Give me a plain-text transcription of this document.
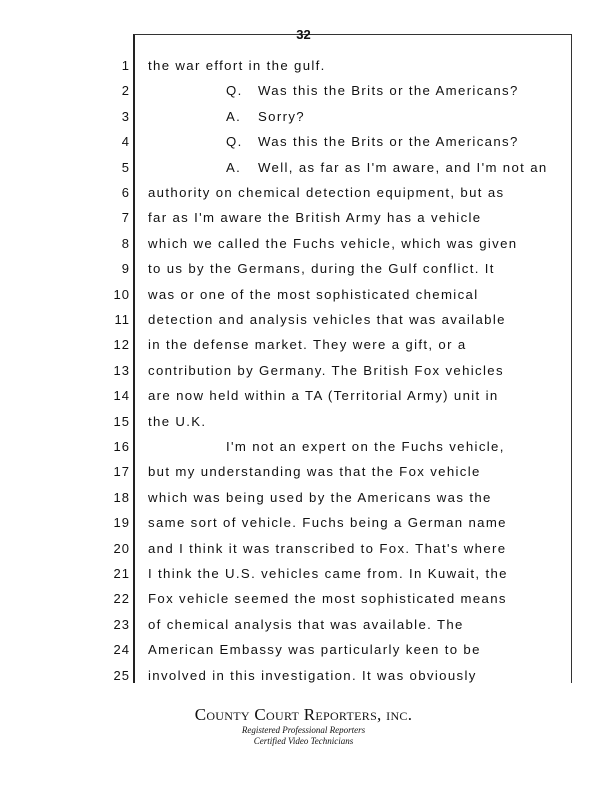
32
1 the war effort in the gulf.
2	Q. Was this the Brits or the Americans?
3	A. Sorry?
4	Q. Was this the Brits or the Americans?
5	A. Well, as far as I'm aware, and I'm not an
6 authority on chemical detection equipment, but as
7 far as I'm aware the British Army has a vehicle
8 which we called the Fuchs vehicle, which was given
9 to us by the Germans, during the Gulf conflict. It
10 was or one of the most sophisticated chemical
11 detection and analysis vehicles that was available
12 in the defense market. They were a gift, or a
13 contribution by Germany. The British Fox vehicles
14 are now held within a TA (Territorial Army) unit in
15 the U.K.
16	I'm not an expert on the Fuchs vehicle,
17 but my understanding was that the Fox vehicle
18 which was being used by the Americans was the
19 same sort of vehicle. Fuchs being a German name
20 and I think it was transcribed to Fox. That's where
21 I think the U.S. vehicles came from. In Kuwait, the
22 Fox vehicle seemed the most sophisticated means
23 of chemical analysis that was available. The
24 American Embassy was particularly keen to be
25 involved in this investigation. It was obviously
County Court Reporters, inc.
Registered Professional Reporters
Certified Video Technicians
